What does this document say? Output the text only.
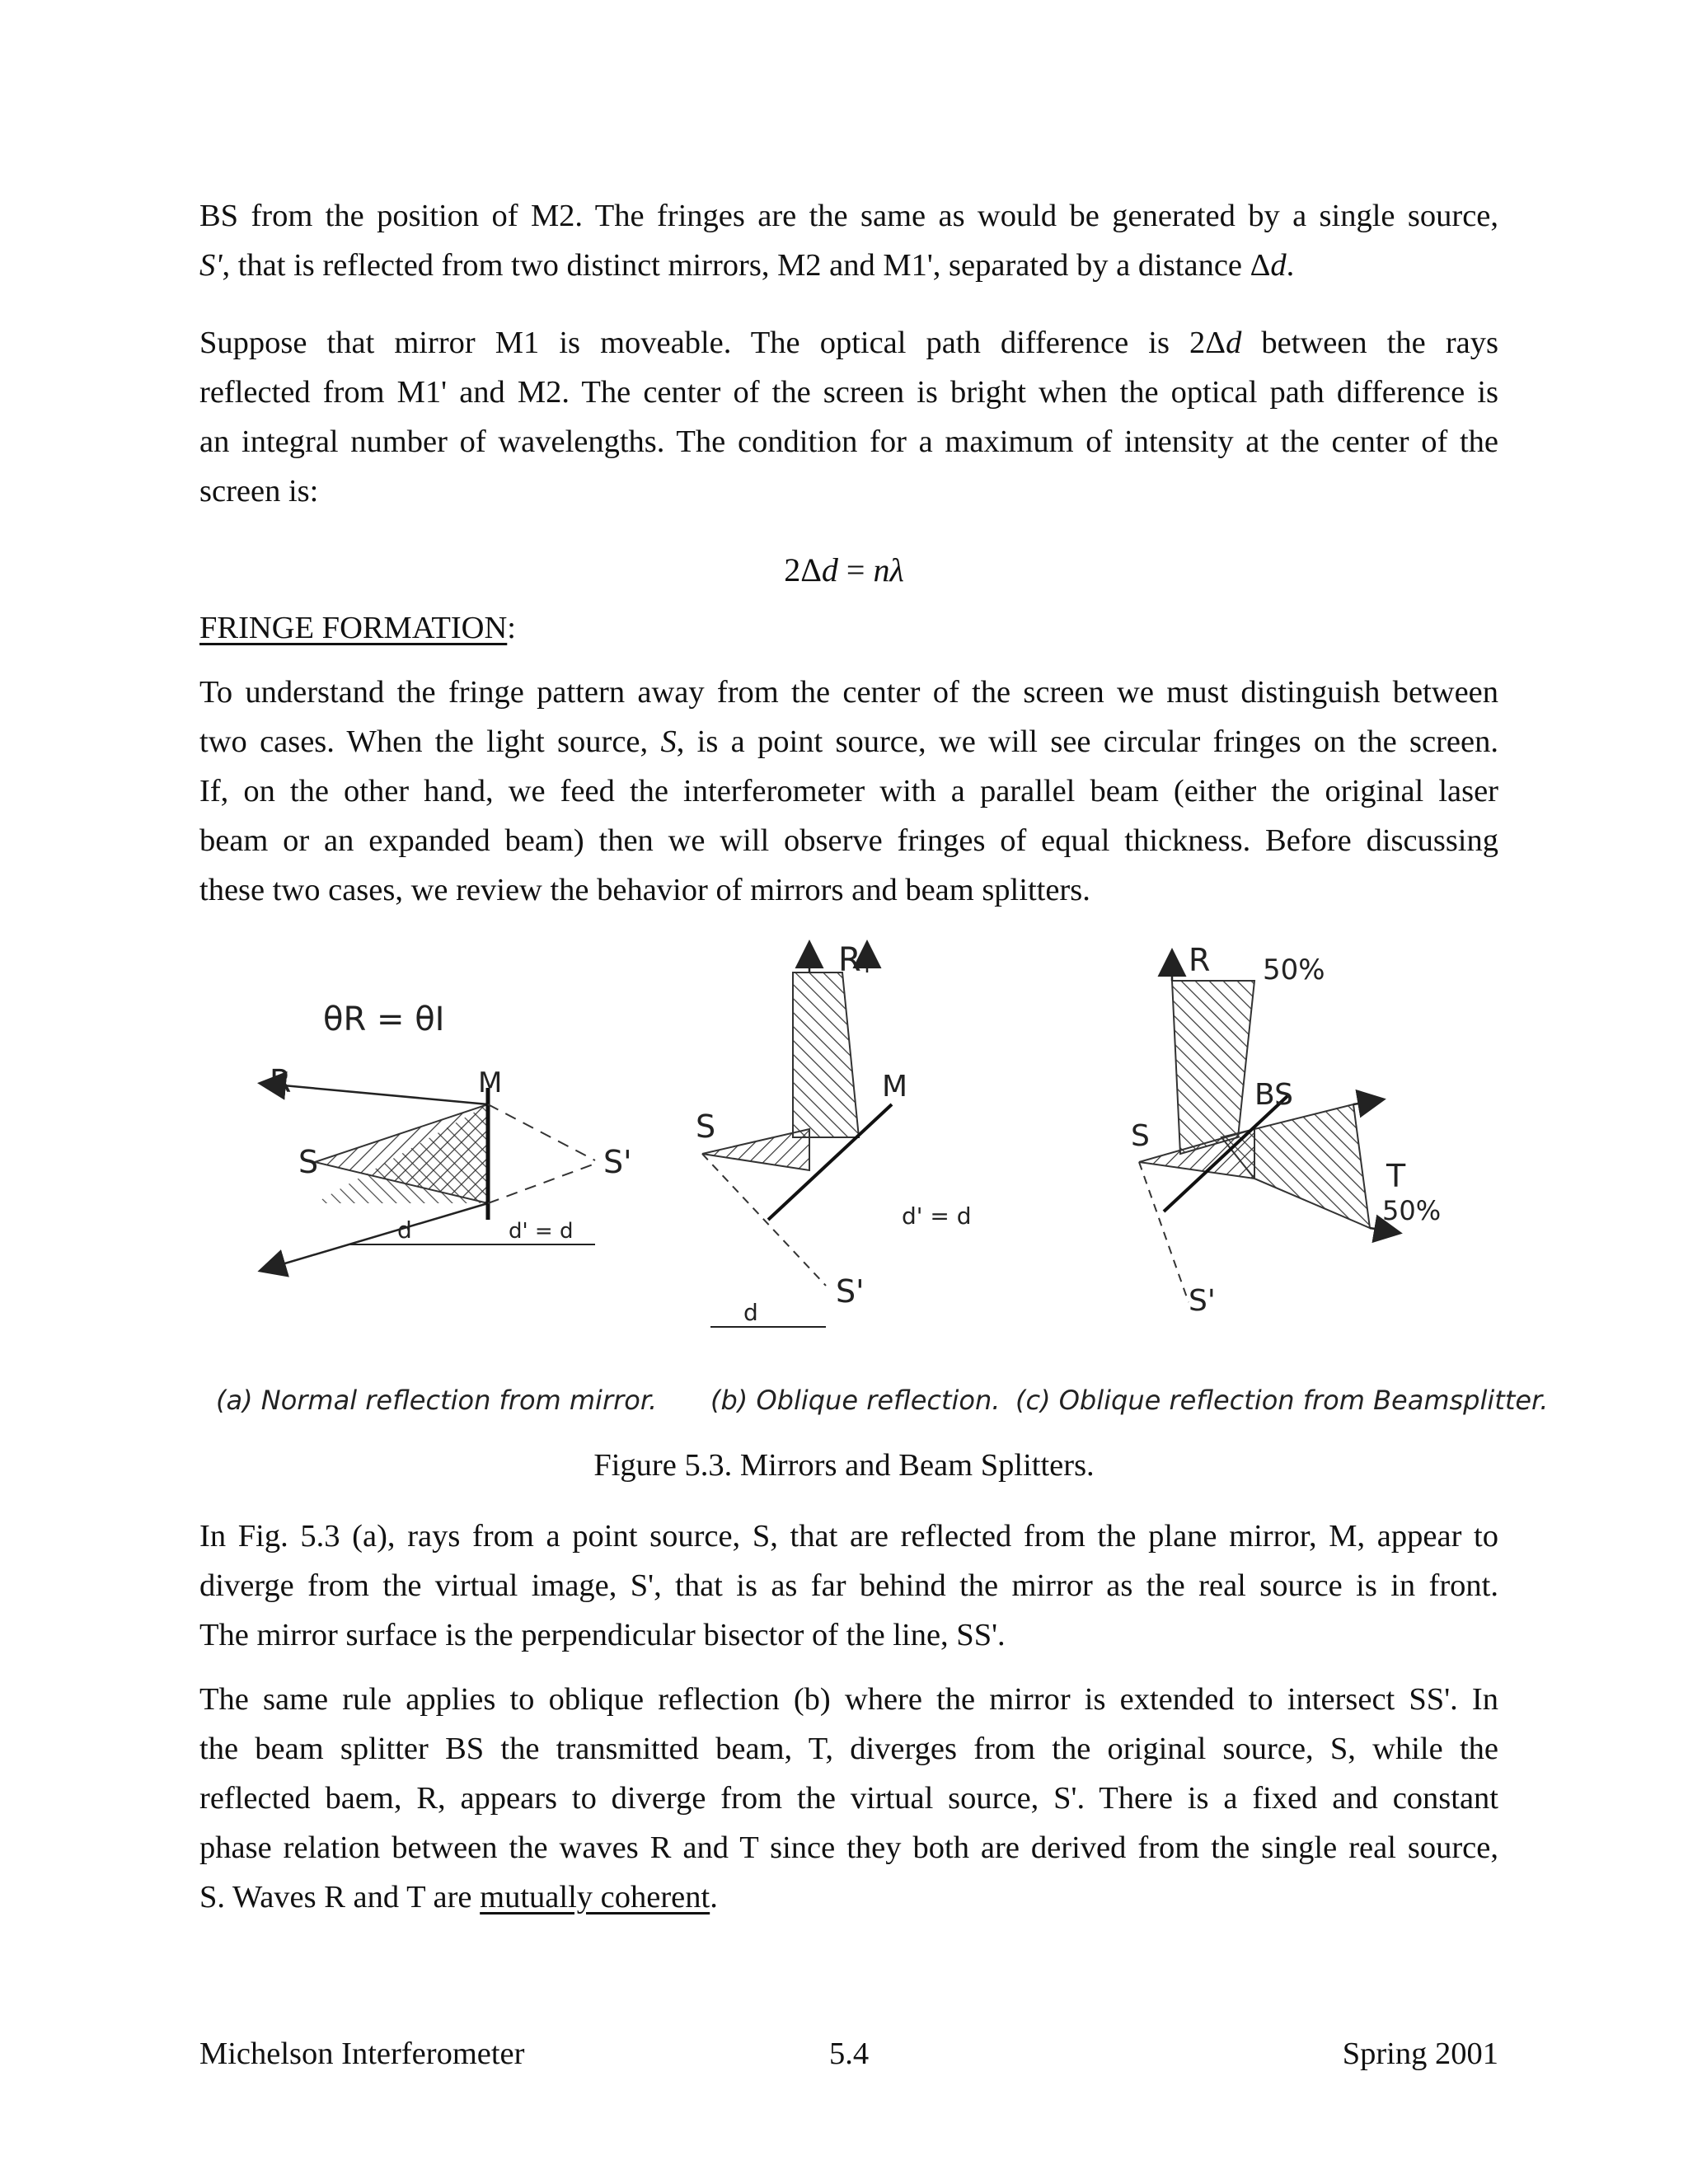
BS from the position of M2. The fringes are the same as would be generated by a single source,
S', that is reflected from two distinct mirrors, M2 and M1', separated by a distance Δd.
Suppose that mirror M1 is moveable. The optical path difference is 2Δd between the rays
reflected from M1' and M2. The center of the screen is bright when the optical path difference is
an integral number of wavelengths. The condition for a maximum of intensity at the center of the
screen is:
2Δd = nλ
FRINGE FORMATION:
To understand the fringe pattern away from the center of the screen we must distinguish between
two cases. When the light source, S, is a point source, we will see circular fringes on the screen.
If, on the other hand, we feed the interferometer with a parallel beam (either the original laser
beam or an expanded beam) then we will observe fringes of equal thickness. Before discussing
these two cases, we review the behavior of mirrors and beam splitters.
θR = θI
R	M
S	S'
d	d' = d
(a) Normal reflection from mirror.
S
M
R
S'
d' = d
d
(b) Oblique reflection.
R 50%
BS
S
T
50%
S'
(c) Oblique reflection from Beamsplitter.
Figure 5.3. Mirrors and Beam Splitters.
In Fig. 5.3 (a), rays from a point source, S, that are reflected from the plane mirror, M, appear to
diverge from the virtual image, S', that is as far behind the mirror as the real source is in front.
The mirror surface is the perpendicular bisector of the line, SS'.
The same rule applies to oblique reflection (b) where the mirror is extended to intersect SS'. In
the beam splitter BS the transmitted beam, T, diverges from the original source, S, while the
reflected baem, R, appears to diverge from the virtual source, S'. There is a fixed and constant
phase relation between the waves R and T since they both are derived from the single real source,
S. Waves R and T are mutually coherent.
Michelson Interferometer	5.4	Spring 2001
